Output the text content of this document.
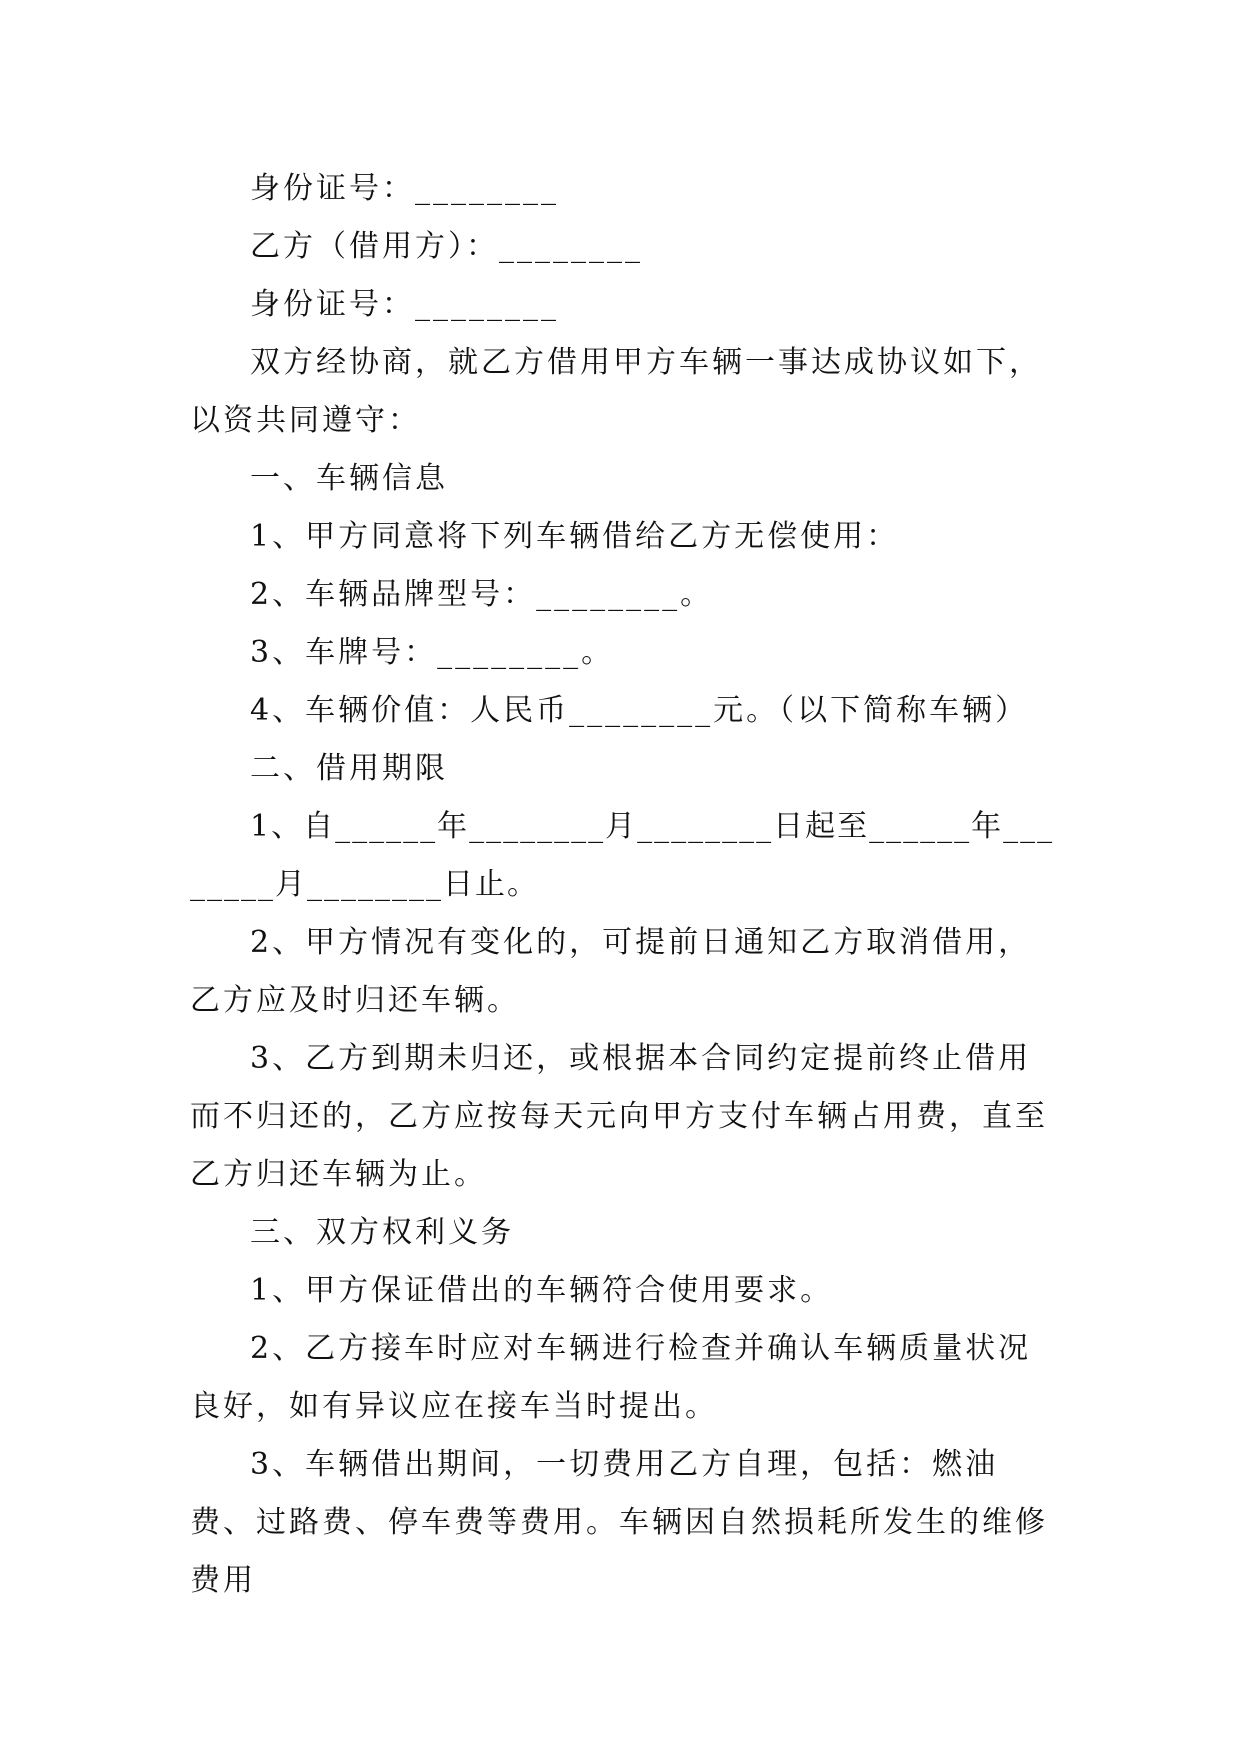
身份证号：________

乙方（借用方）：________

身份证号：________

双方经协商，就乙方借用甲方车辆一事达成协议如下，以资共同遵守：

一、车辆信息

1、甲方同意将下列车辆借给乙方无偿使用：

2、车辆品牌型号：________。

3、车牌号：________。

4、车辆价值：人民币________元。（以下简称车辆）

二、借用期限

1、自______年________月________日起至______年________月________日止。

2、甲方情况有变化的，可提前日通知乙方取消借用，乙方应及时归还车辆。

3、乙方到期未归还，或根据本合同约定提前终止借用而不归还的，乙方应按每天元向甲方支付车辆占用费，直至乙方归还车辆为止。

三、双方权利义务

1、甲方保证借出的车辆符合使用要求。

2、乙方接车时应对车辆进行检查并确认车辆质量状况良好，如有异议应在接车当时提出。

3、车辆借出期间，一切费用乙方自理，包括：燃油费、过路费、停车费等费用。车辆因自然损耗所发生的维修费用
